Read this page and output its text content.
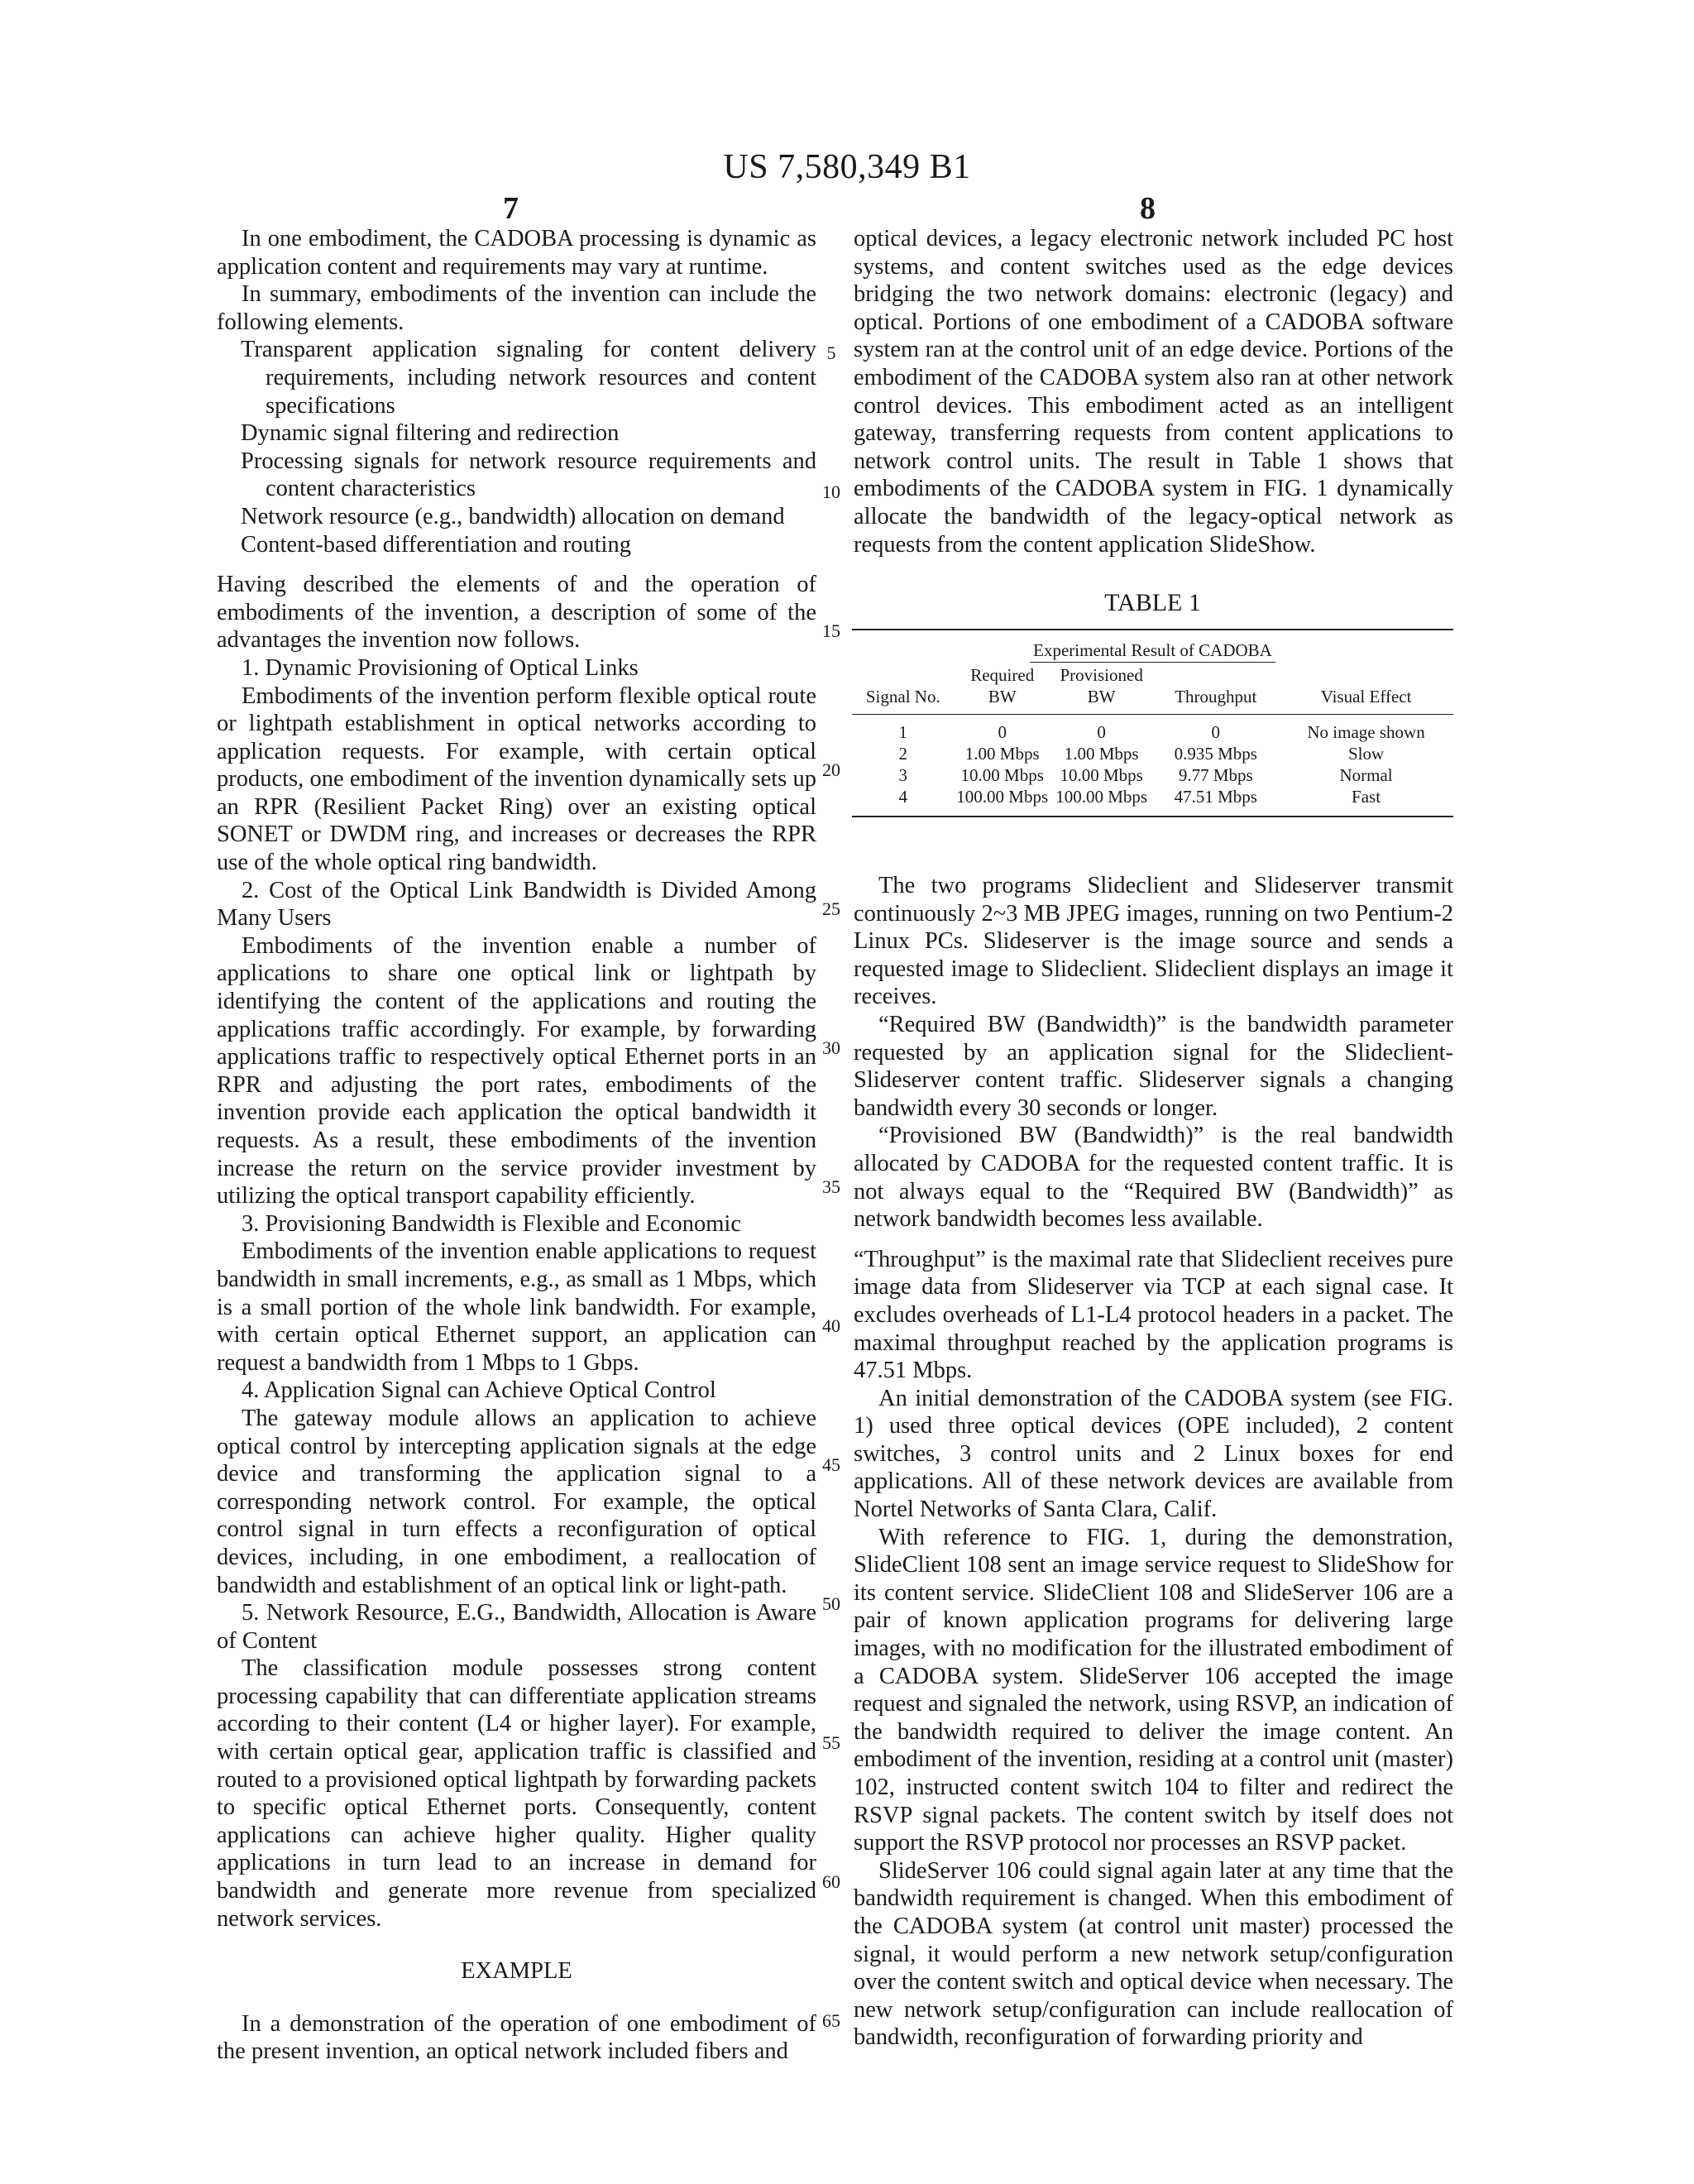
US 7,580,349 B1
7	8

In one embodiment, the CADOBA processing is dynamic as application content and requirements may vary at runtime.

In summary, embodiments of the invention can include the following elements.

Transparent application signaling for content delivery requirements, including network resources and content specifications

Dynamic signal filtering and redirection

Processing signals for network resource requirements and content characteristics

Network resource (e.g., bandwidth) allocation on demand

Content-based differentiation and routing

Having described the elements of and the operation of embodiments of the invention, a description of some of the advantages the invention now follows.

1. Dynamic Provisioning of Optical Links

Embodiments of the invention perform flexible optical route or lightpath establishment in optical networks according to application requests. For example, with certain optical products, one embodiment of the invention dynamically sets up an RPR (Resilient Packet Ring) over an existing optical SONET or DWDM ring, and increases or decreases the RPR use of the whole optical ring bandwidth.

2. Cost of the Optical Link Bandwidth is Divided Among Many Users

Embodiments of the invention enable a number of applications to share one optical link or lightpath by identifying the content of the applications and routing the applications traffic accordingly. For example, by forwarding applications traffic to respectively optical Ethernet ports in an RPR and adjusting the port rates, embodiments of the invention provide each application the optical bandwidth it requests. As a result, these embodiments of the invention increase the return on the service provider investment by utilizing the optical transport capability efficiently.

3. Provisioning Bandwidth is Flexible and Economic

Embodiments of the invention enable applications to request bandwidth in small increments, e.g., as small as 1 Mbps, which is a small portion of the whole link bandwidth. For example, with certain optical Ethernet support, an application can request a bandwidth from 1 Mbps to 1 Gbps.

4. Application Signal can Achieve Optical Control

The gateway module allows an application to achieve optical control by intercepting application signals at the edge device and transforming the application signal to a corresponding network control. For example, the optical control signal in turn effects a reconfiguration of optical devices, including, in one embodiment, a reallocation of bandwidth and establishment of an optical link or light-path.

5. Network Resource, E.G., Bandwidth, Allocation is Aware of Content

The classification module possesses strong content processing capability that can differentiate application streams according to their content (L4 or higher layer). For example, with certain optical gear, application traffic is classified and routed to a provisioned optical lightpath by forwarding packets to specific optical Ethernet ports. Consequently, content applications can achieve higher quality. Higher quality applications in turn lead to an increase in demand for bandwidth and generate more revenue from specialized network services.

EXAMPLE

In a demonstration of the operation of one embodiment of the present invention, an optical network included fibers and

5
10
15
20
25
30
35
40
45
50
55
60
65

optical devices, a legacy electronic network included PC host systems, and content switches used as the edge devices bridging the two network domains: electronic (legacy) and optical. Portions of one embodiment of a CADOBA software system ran at the control unit of an edge device. Portions of the embodiment of the CADOBA system also ran at other network control devices. This embodiment acted as an intelligent gateway, transferring requests from content applications to network control units. The result in Table 1 shows that embodiments of the CADOBA system in FIG. 1 dynamically allocate the bandwidth of the legacy-optical network as requests from the content application SlideShow.

TABLE 1
Experimental Result of CADOBA
Signal No.	Required BW	Provisioned BW	Throughput	Visual Effect

1	0	0	0	No image shown
2	1.00 Mbps	1.00 Mbps	0.935 Mbps	Slow
3	10.00 Mbps	10.00 Mbps	9.77 Mbps	Normal
4	100.00 Mbps	100.00 Mbps	47.51 Mbps	Fast

The two programs Slideclient and Slideserver transmit continuously 2~3 MB JPEG images, running on two Pentium-2 Linux PCs. Slideserver is the image source and sends a requested image to Slideclient. Slideclient displays an image it receives.

“Required BW (Bandwidth)” is the bandwidth parameter requested by an application signal for the Slideclient-Slideserver content traffic. Slideserver signals a changing bandwidth every 30 seconds or longer.

“Provisioned BW (Bandwidth)” is the real bandwidth allocated by CADOBA for the requested content traffic. It is not always equal to the “Required BW (Bandwidth)” as network bandwidth becomes less available.

“Throughput” is the maximal rate that Slideclient receives pure image data from Slideserver via TCP at each signal case. It excludes overheads of L1-L4 protocol headers in a packet. The maximal throughput reached by the application programs is 47.51 Mbps.

An initial demonstration of the CADOBA system (see FIG. 1) used three optical devices (OPE included), 2 content switches, 3 control units and 2 Linux boxes for end applications. All of these network devices are available from Nortel Networks of Santa Clara, Calif.

With reference to FIG. 1, during the demonstration, SlideClient 108 sent an image service request to SlideShow for its content service. SlideClient 108 and SlideServer 106 are a pair of known application programs for delivering large images, with no modification for the illustrated embodiment of a CADOBA system. SlideServer 106 accepted the image request and signaled the network, using RSVP, an indication of the bandwidth required to deliver the image content. An embodiment of the invention, residing at a control unit (master) 102, instructed content switch 104 to filter and redirect the RSVP signal packets. The content switch by itself does not support the RSVP protocol nor processes an RSVP packet.

SlideServer 106 could signal again later at any time that the bandwidth requirement is changed. When this embodiment of the CADOBA system (at control unit master) processed the signal, it would perform a new network setup/configuration over the content switch and optical device when necessary. The new network setup/configuration can include reallocation of bandwidth, reconfiguration of forwarding priority and
